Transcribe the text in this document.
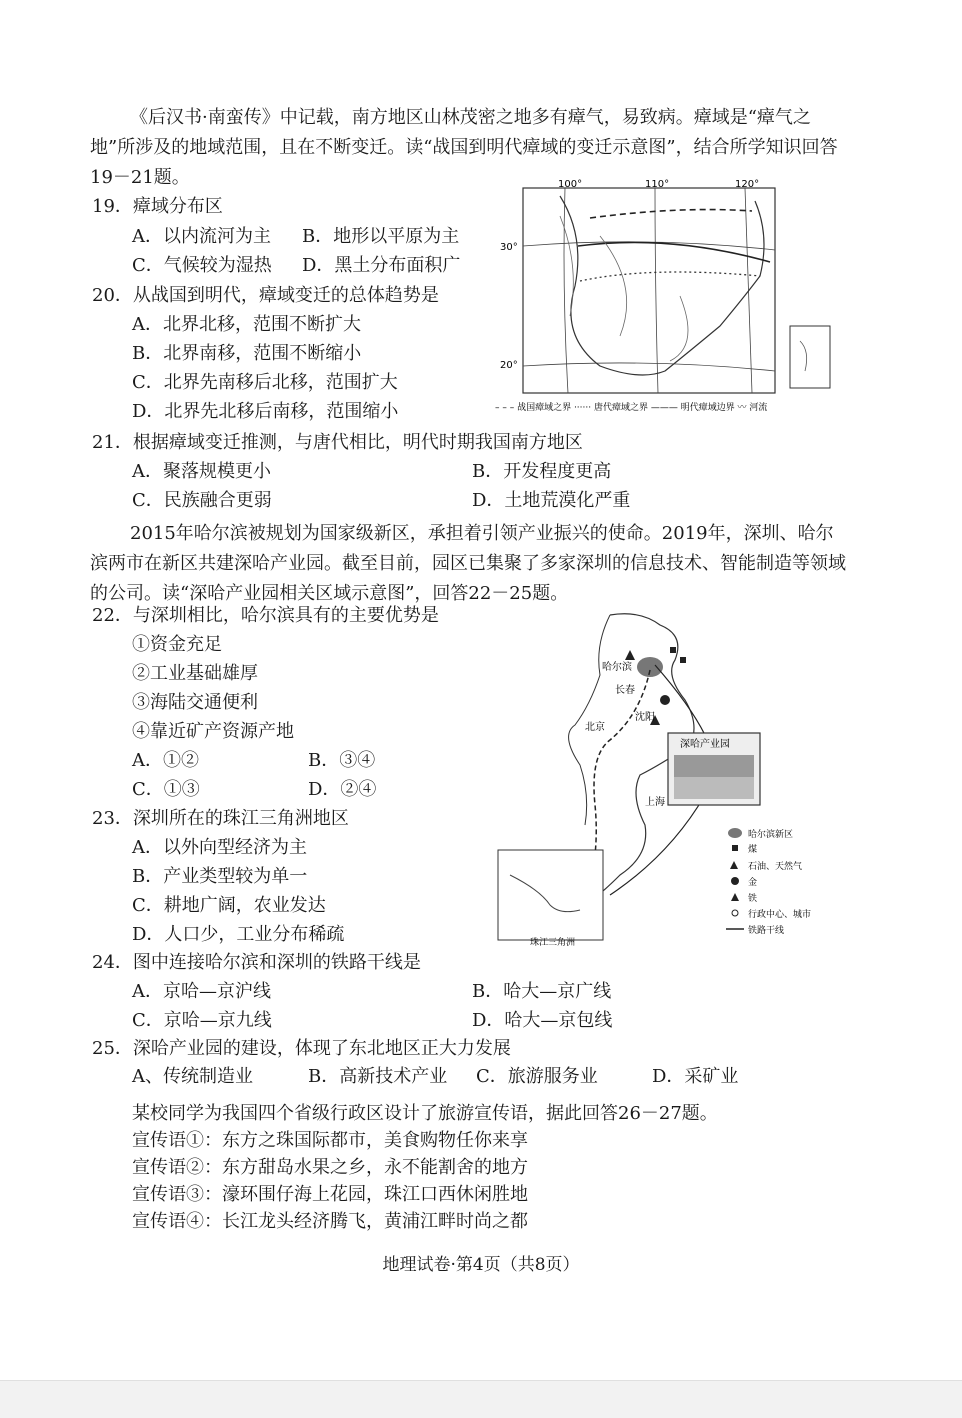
《后汉书·南蛮传》中记载，南方地区山林茂密之地多有瘴气，易致病。瘴域是“瘴气之地”所涉及的地域范围，且在不断变迁。读“战国到明代瘴域的变迁示意图”，结合所学知识回答19－21题。
19．瘴域分布区
A．以内流河为主 B．地形以平原为主
C．气候较为湿热 D．黑土分布面积广
20．从战国到明代，瘴域变迁的总体趋势是
A．北界北移，范围不断扩大
B．北界南移，范围不断缩小
C．北界先南移后北移，范围扩大
D．北界先北移后南移，范围缩小
100°	110°	120°
30°
20°
– – – 战国瘴域之界 ······ 唐代瘴域之界 ——— 明代瘴域边界 〰 河流
21．根据瘴域变迁推测，与唐代相比，明代时期我国南方地区
A．聚落规模更小	B．开发程度更高
C．民族融合更弱	D．土地荒漠化严重
2015年哈尔滨被规划为国家级新区，承担着引领产业振兴的使命。2019年，深圳、哈尔滨两市在新区共建深哈产业园。截至目前，园区已集聚了多家深圳的信息技术、智能制造等领域的公司。读“深哈产业园相关区域示意图”，回答22－25题。
22．与深圳相比，哈尔滨具有的主要优势是
①资金充足
②工业基础雄厚
③海陆交通便利
④靠近矿产资源产地
A．①②	B．③④
C．①③	D．②④
23．深圳所在的珠江三角洲地区
A．以外向型经济为主
B．产业类型较为单一
C．耕地广阔，农业发达
D．人口少，工业分布稀疏
哈尔滨
长春
沈阳
北京
上海
深哈产业园
珠江三角洲
哈尔滨新区
煤
石油、天然气
金
铁
行政中心、城市
铁路干线
24．图中连接哈尔滨和深圳的铁路干线是
A．京哈—京沪线	B．哈大—京广线
C．京哈—京九线	D．哈大—京包线
25．深哈产业园的建设，体现了东北地区正大力发展
A、传统制造业	B．高新技术产业 C．旅游服务业	D．采矿业
某校同学为我国四个省级行政区设计了旅游宣传语，据此回答26－27题。
宣传语①：东方之珠国际都市，美食购物任你来享
宣传语②：东方甜岛水果之乡，永不能割舍的地方
宣传语③：濠环围仔海上花园，珠江口西休闲胜地
宣传语④：长江龙头经济腾飞，黄浦江畔时尚之都
地理试卷·第4页（共8页）
